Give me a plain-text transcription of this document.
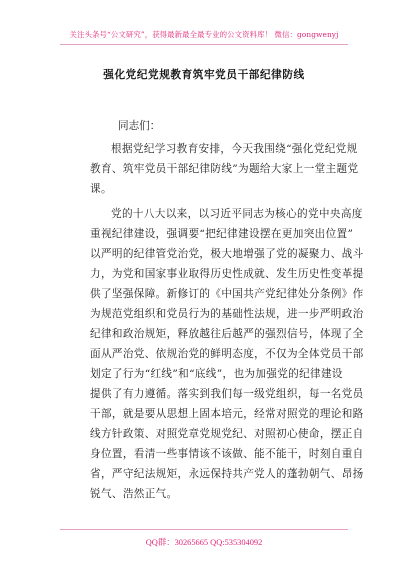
关注头条号“公文研究”，获得最新最全最专业的公文资料库！ 微信：gongwenyj
强化党纪党规教育筑牢党员干部纪律防线
同志们：
根据党纪学习教育安排，今天我围绕“强化党纪党规
教育、筑牢党员干部纪律防线”为题给大家上一堂主题党
课。
党的十八大以来，以习近平同志为核心的党中央高度
重视纪律建设，强调要“把纪律建设摆在更加突出位置”
以严明的纪律管党治党，极大地增强了党的凝聚力、战斗
力，为党和国家事业取得历史性成就、发生历史性变革提
供了坚强保障。新修订的《中国共产党纪律处分条例》作
为规范党组织和党员行为的基础性法规，进一步严明政治
纪律和政治规矩，释放越往后越严的强烈信号，体现了全
面从严治党、依规治党的鲜明态度，不仅为全体党员干部
划定了行为“红线”和“底线”，也为加强党的纪律建设
提供了有力遵循。落实到我们每一级党组织，每一名党员
干部，就是要从思想上固本培元，经常对照党的理论和路
线方针政策、对照党章党规党纪、对照初心使命，摆正自
身位置，看清一些事情该不该做、能不能干，时刻自重自
省，严守纪法规矩，永远保持共产党人的蓬勃朝气、昂扬
锐气、浩然正气。
QQ群：30265665 QQ:535304092
